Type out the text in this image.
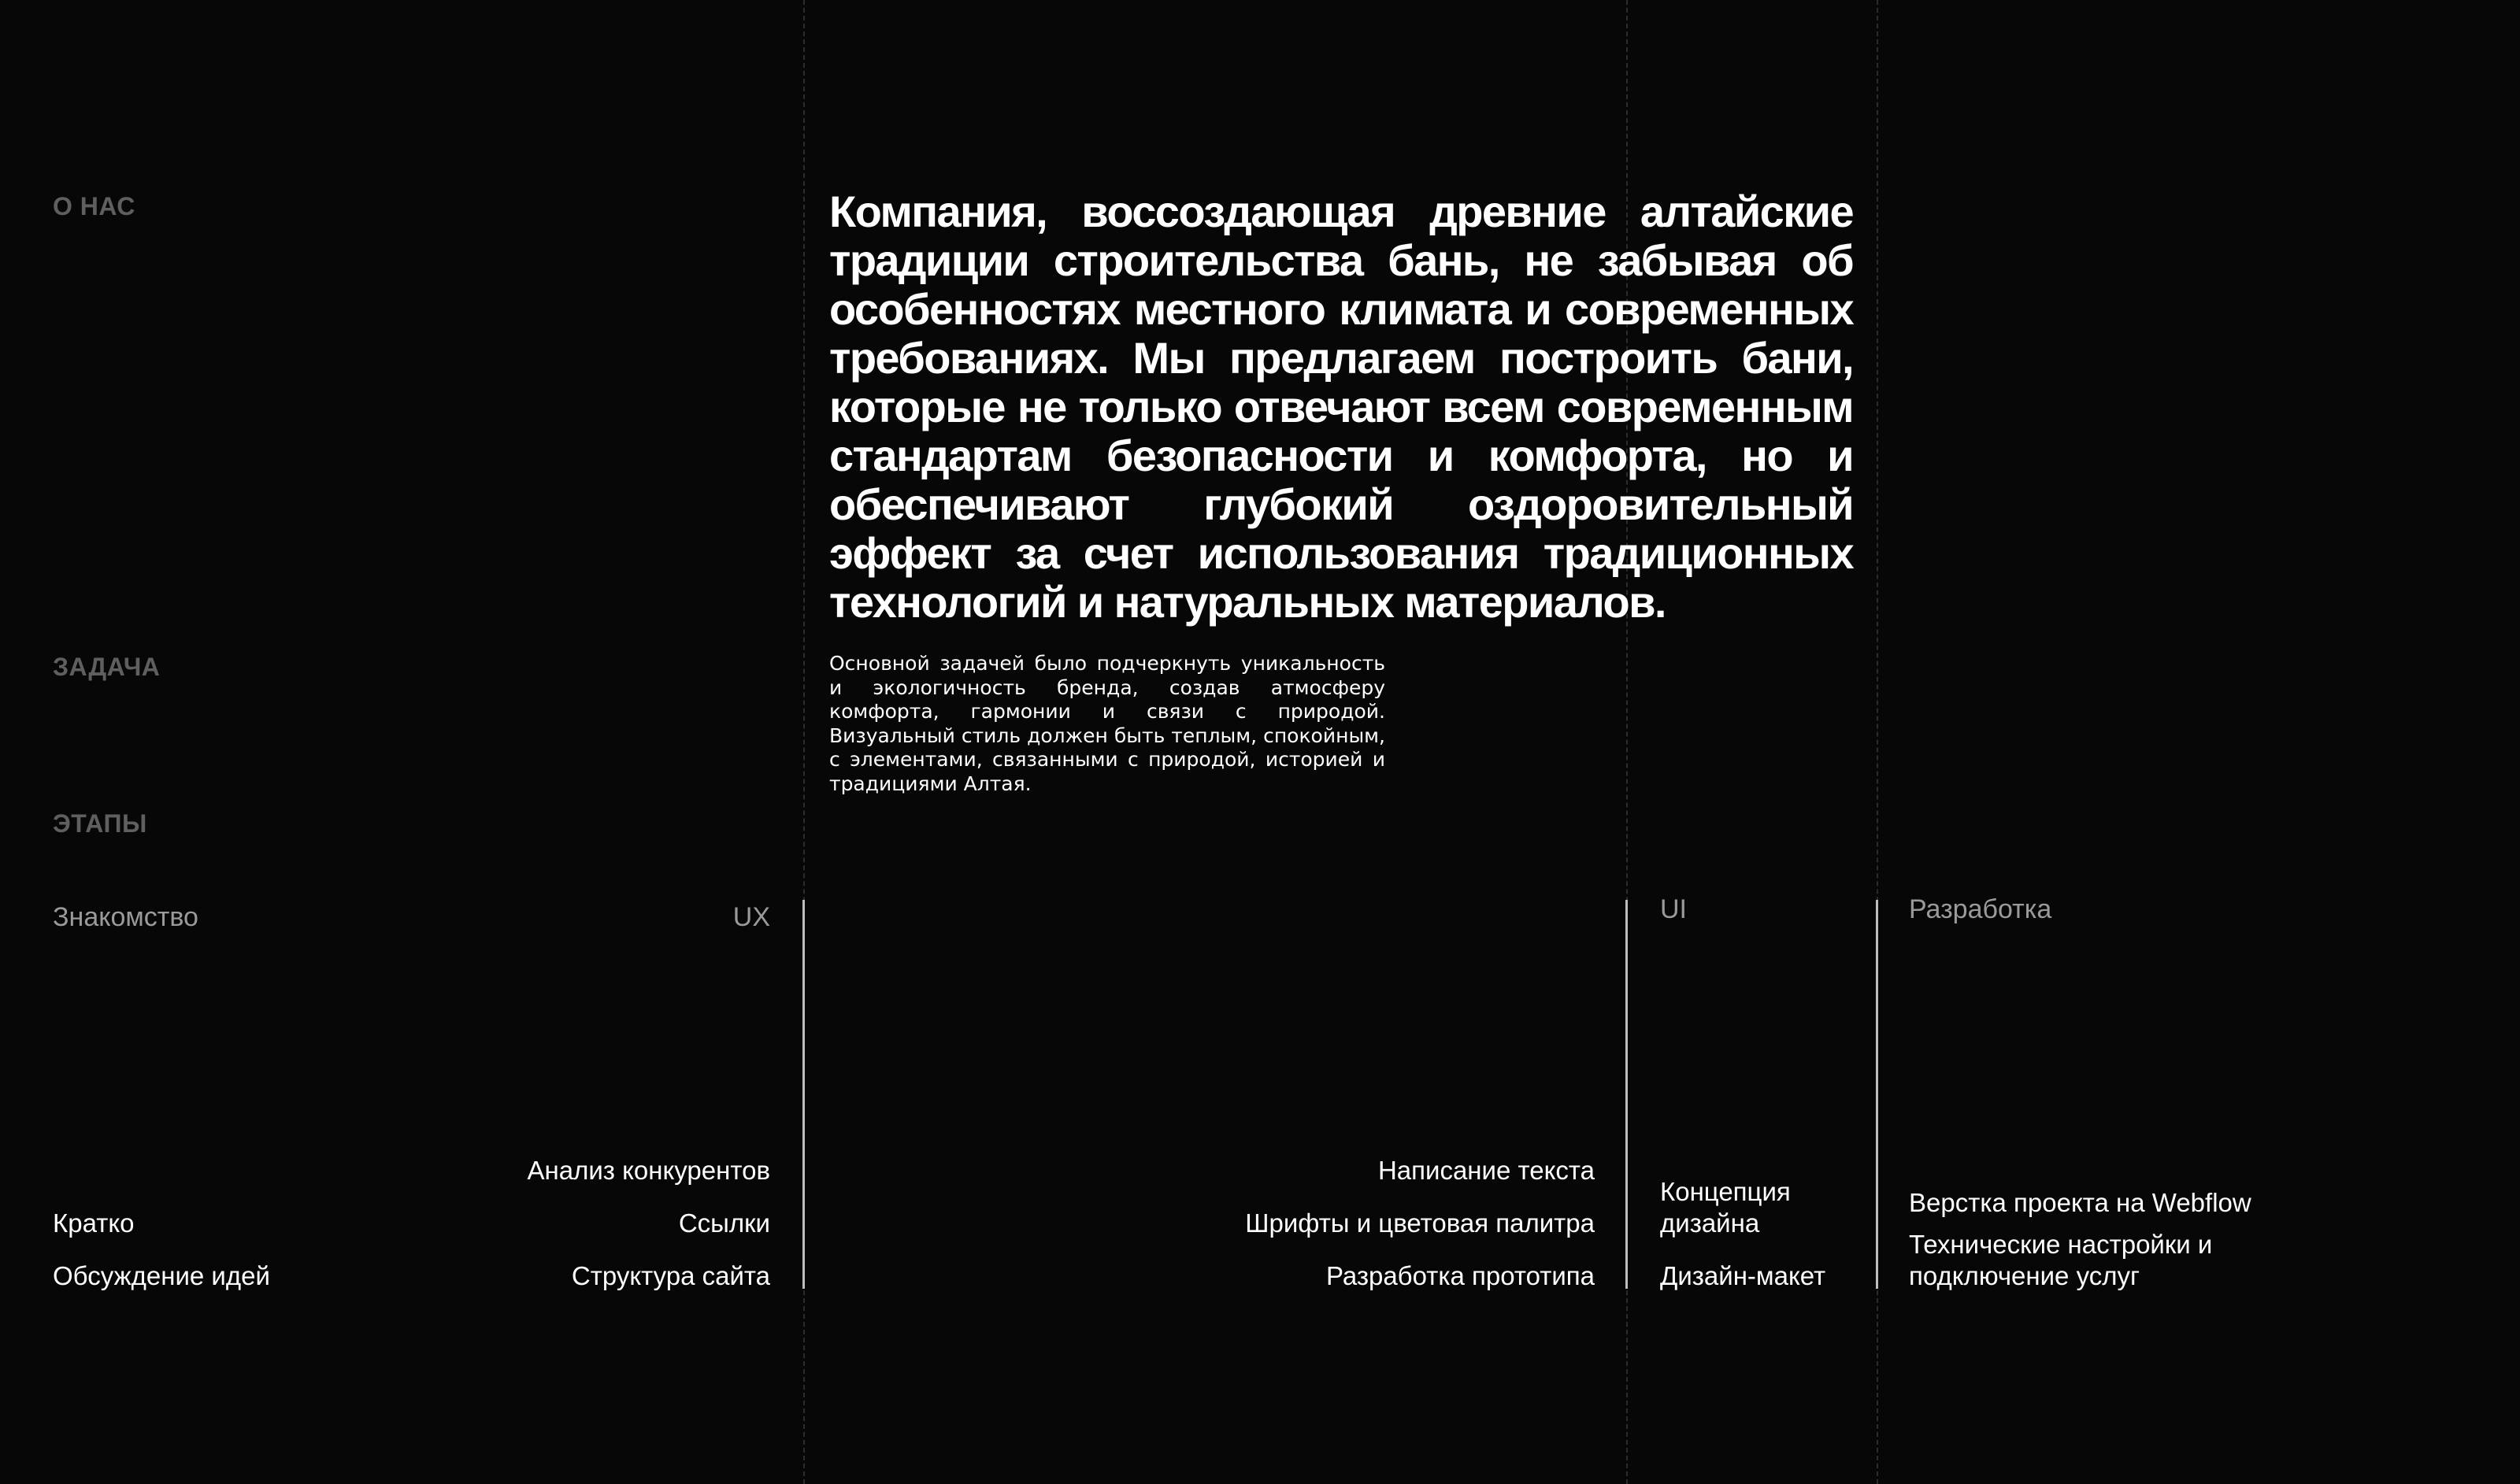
О НАС
ЗАДАЧА
ЭТАПЫ

Компания, воссоздающая древние алтайские традиции строительства бань, не забывая об особенностях местного климата и современных требованиях. Мы предлагаем построить бани, которые не только отвечают всем современным стандартам безопасности и комфорта, но и обеспечивают глубокий оздоровительный эффект за счет использования традиционных технологий и натуральных материалов.

Основной задачей было подчеркнуть уникальность и экологичность бренда, создав атмосферу комфорта, гармонии и связи с природой. Визуальный стиль должен быть теплым, спокойным, с элементами, связанными с природой, историей и традициями Алтая.

Знакомство
Кратко
Обсуждение идей
UX
Анализ конкурентов
Ссылки
Структура сайта
Написание текста
Шрифты и цветовая палитра
Разработка прототипа
UI
Концепция
дизайна
Дизайн-макет
Разработка
Верстка проекта на Webflow
Технические настройки и
подключение услуг
